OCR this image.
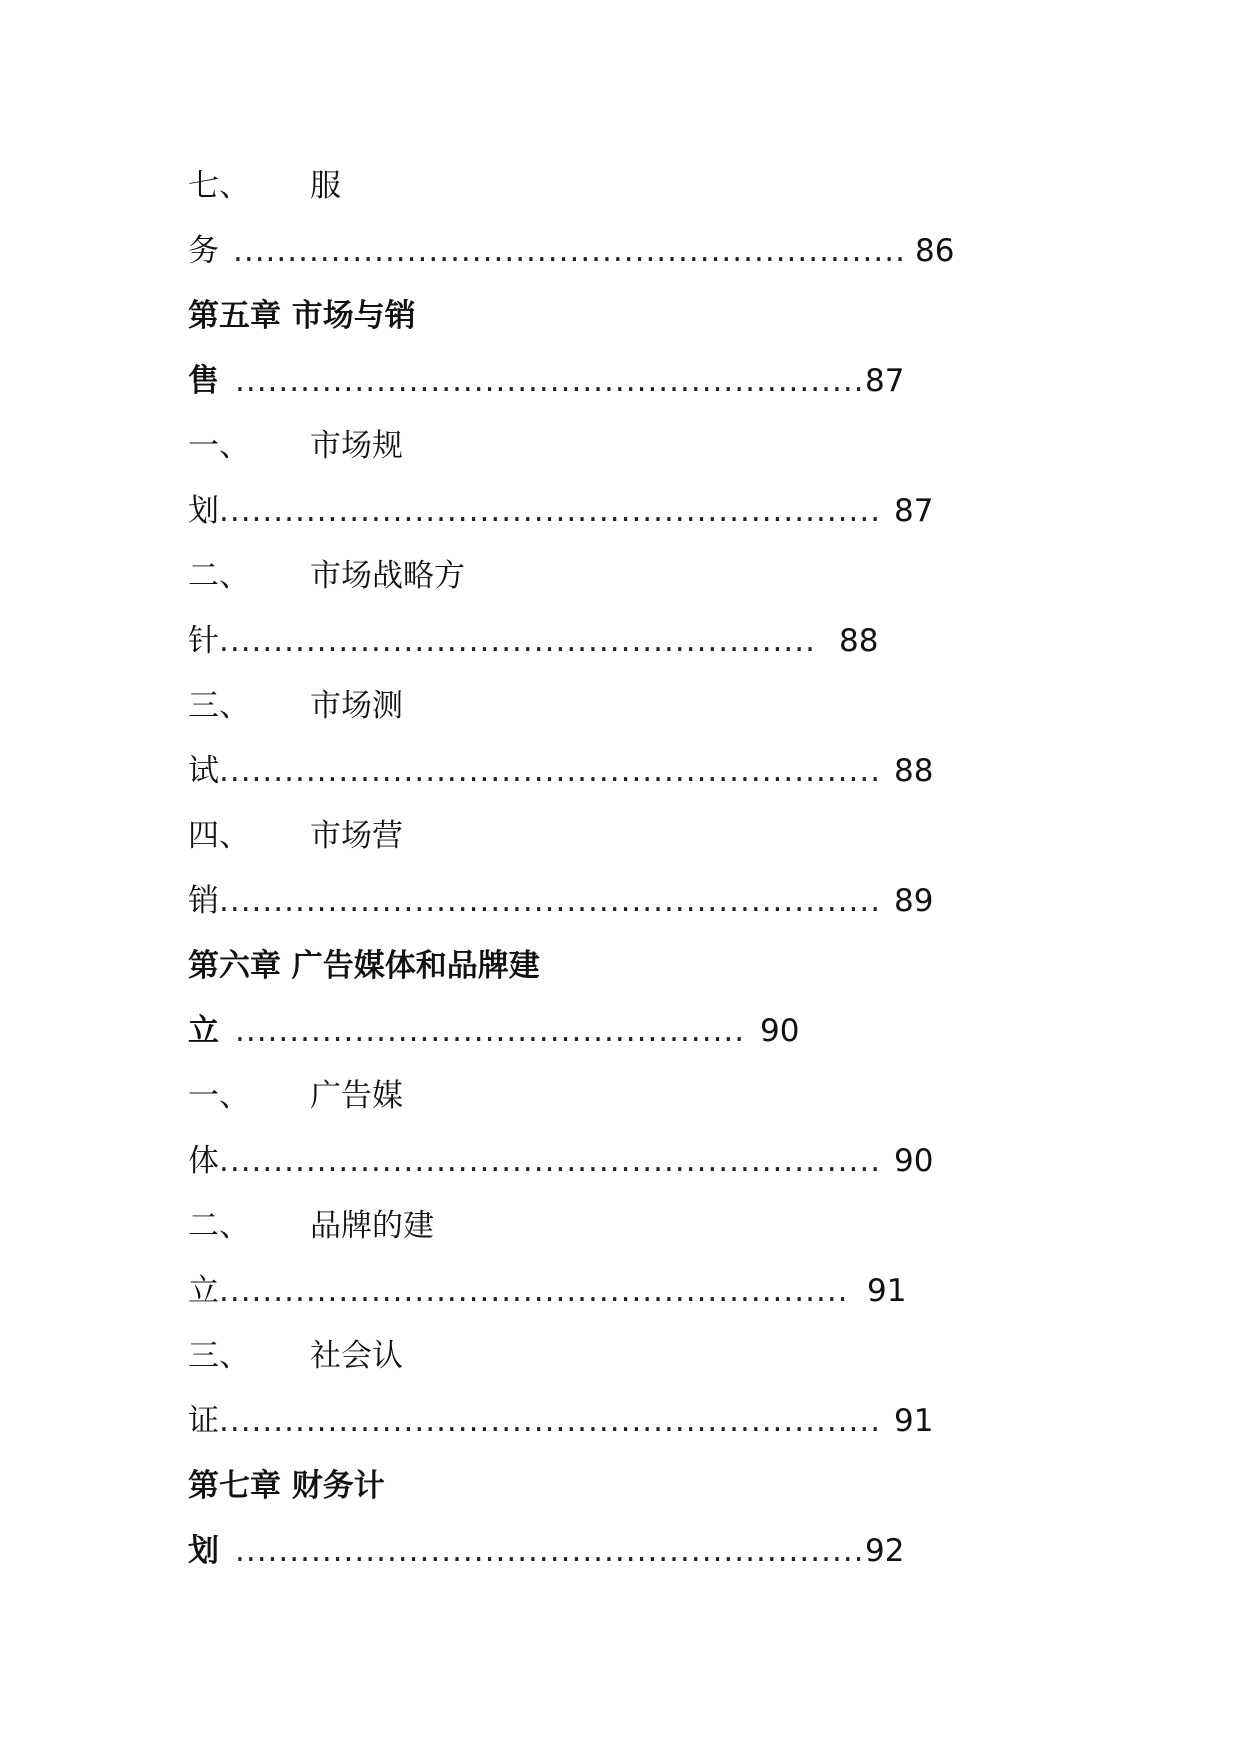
七、 服
务 .............................................................. 86
第五章 市场与销
售 .......................................................... 87
一、 市场规
划 ............................................................. 87
二、 市场战略方
针 ....................................................... 88
三、 市场测
试 ............................................................. 88
四、 市场营
销 ............................................................. 89
第六章 广告媒体和品牌建
立 ............................................... 90
一、 广告媒
体 ............................................................. 90
二、 品牌的建
立 .......................................................... 91
三、 社会认
证 ............................................................. 91
第七章 财务计
划 .......................................................... 92
